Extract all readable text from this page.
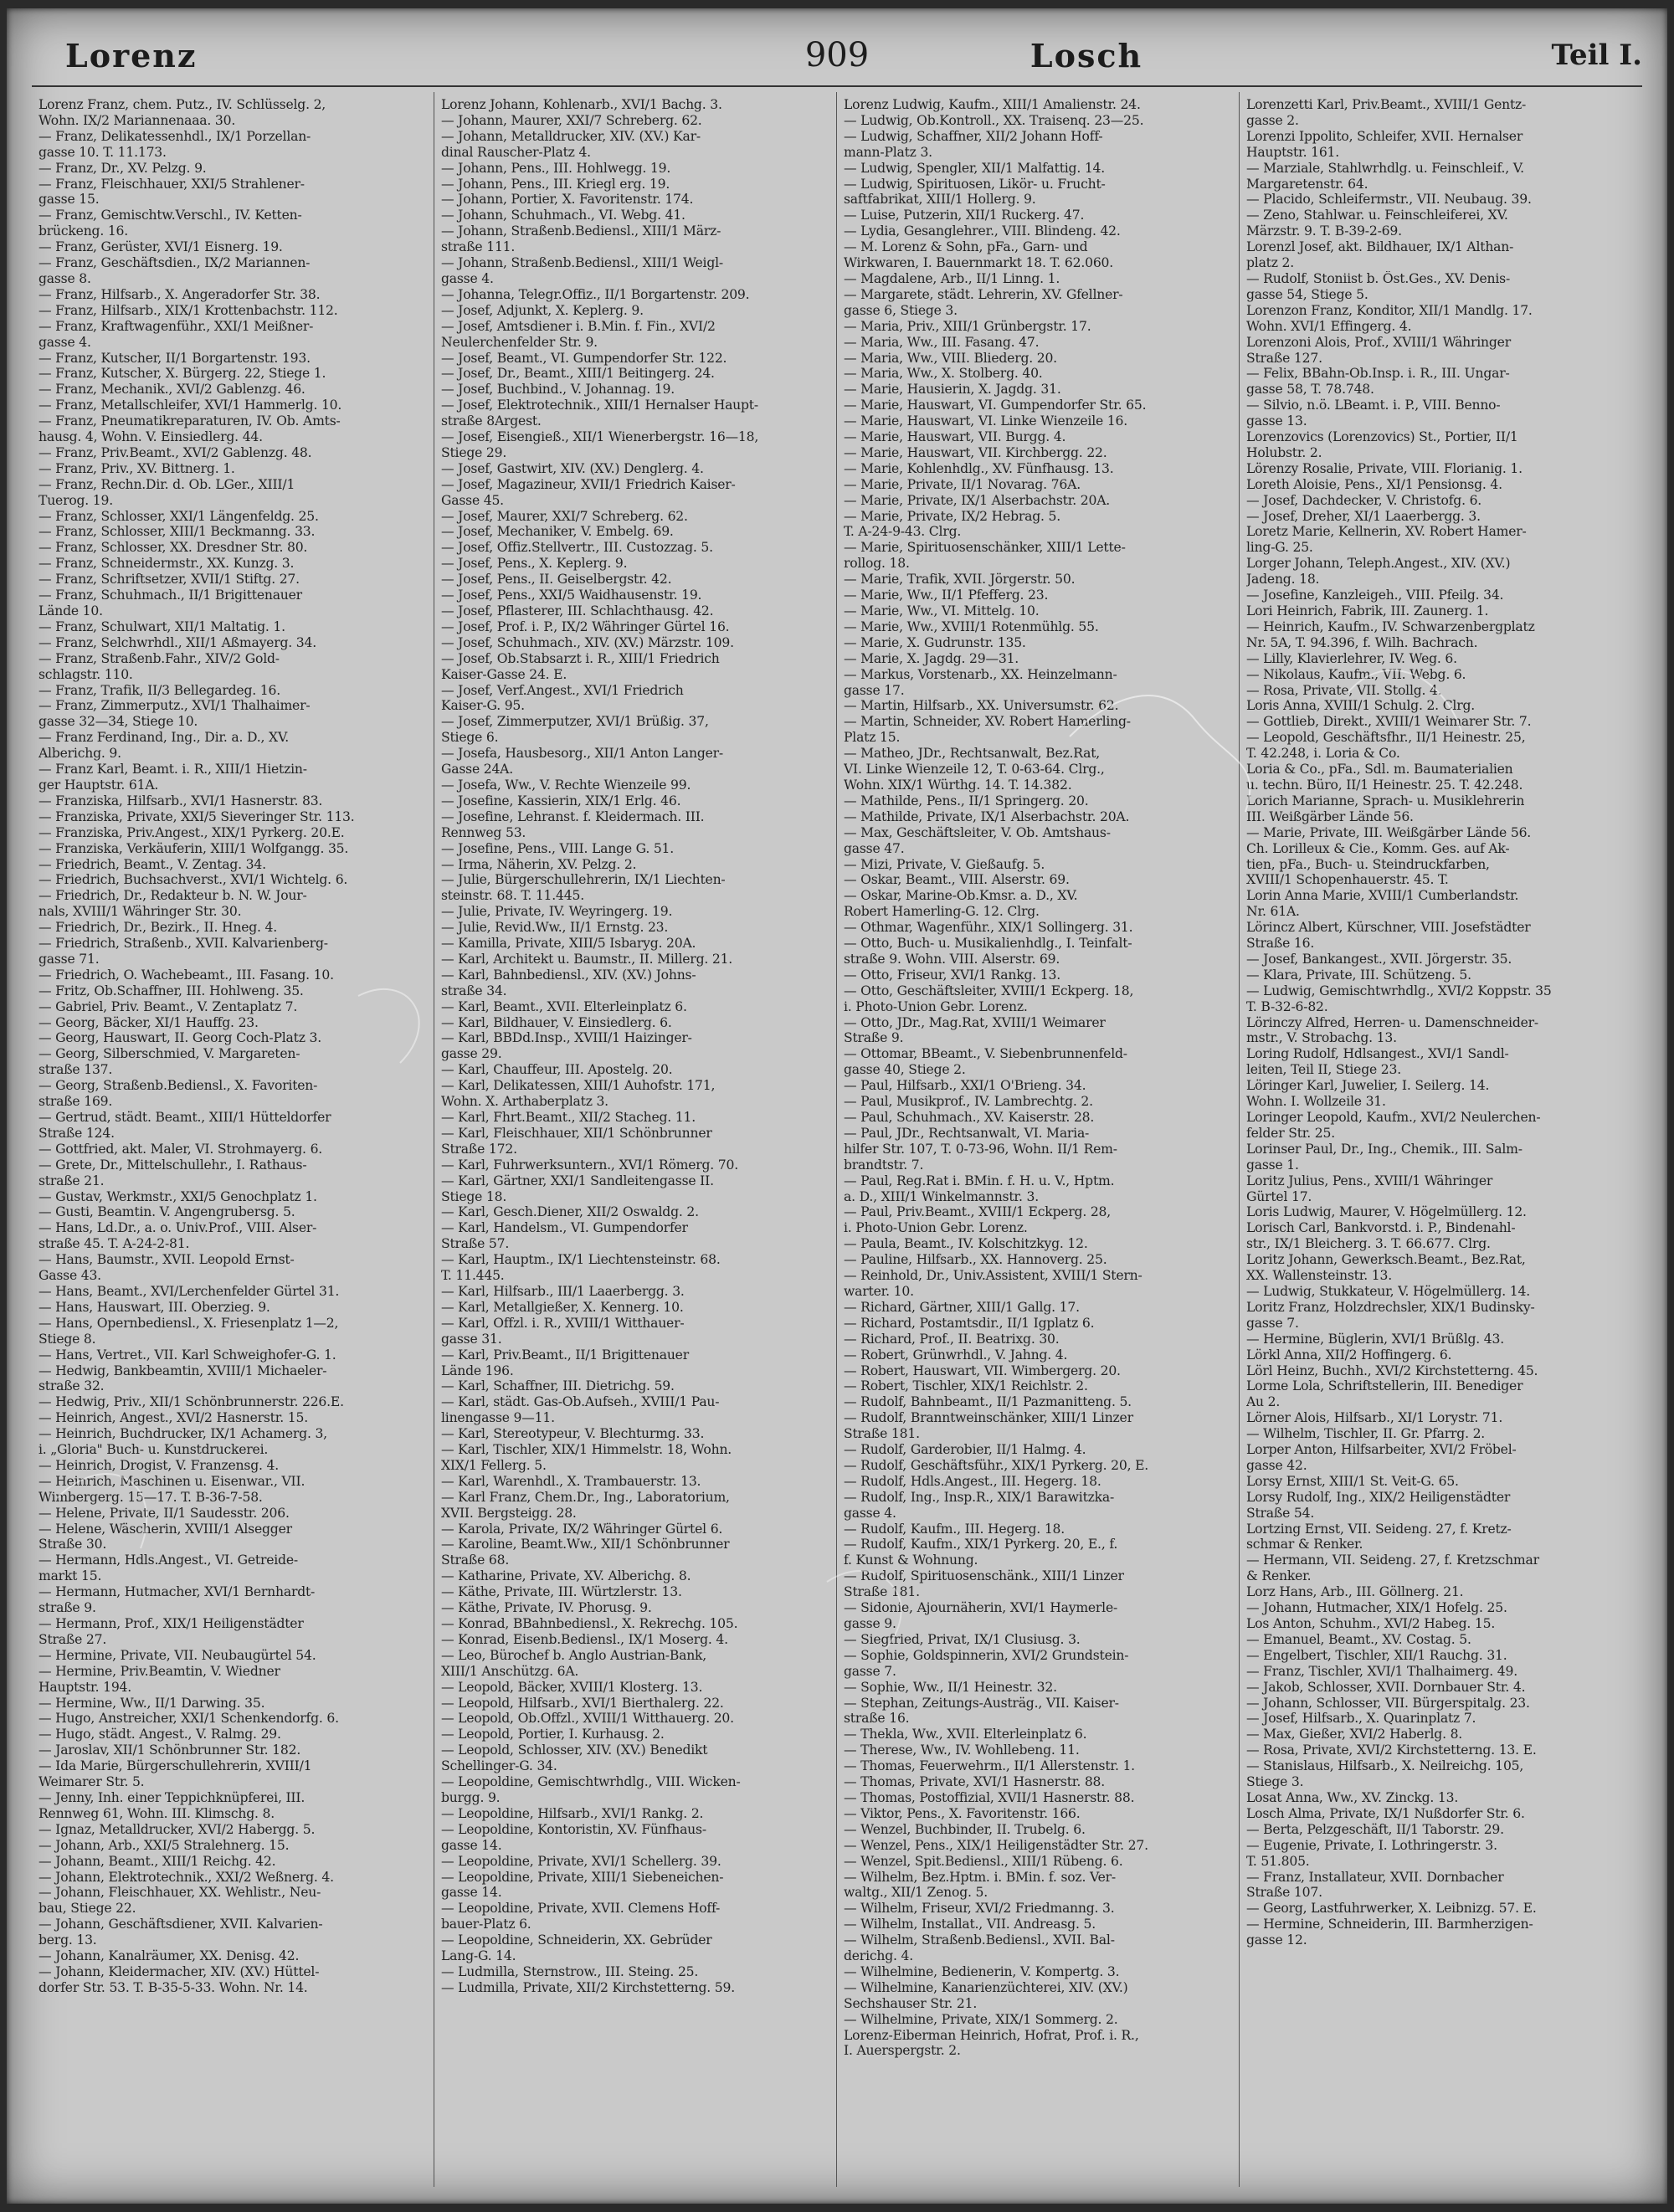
Lorenz	909	Losch	Teil I.
Lorenz Franz, chem. Putz., IV. Schlüsselg. 2,
Wohn. IX/2 Mariannenaaa. 30.
— Franz, Delikatessenhdl., IX/1 Porzellan-
gasse 10. T. 11.173.
— Franz, Dr., XV. Pelzg. 9.
— Franz, Fleischhauer, XXI/5 Strahlener-
gasse 15.
— Franz, Gemischtw.Verschl., IV. Ketten-
brückeng. 16.
— Franz, Gerüster, XVI/1 Eisnerg. 19.
— Franz, Geschäftsdien., IX/2 Mariannen-
gasse 8.
— Franz, Hilfsarb., X. Angeradorfer Str. 38.
— Franz, Hilfsarb., XIX/1 Krottenbachstr. 112.
— Franz, Kraftwagenführ., XXI/1 Meißner-
gasse 4.
— Franz, Kutscher, II/1 Borgartenstr. 193.
— Franz, Kutscher, X. Bürgerg. 22, Stiege 1.
— Franz, Mechanik., XVI/2 Gablenzg. 46.
— Franz, Metallschleifer, XVI/1 Hammerlg. 10.
— Franz, Pneumatikreparaturen, IV. Ob. Amts-
hausg. 4, Wohn. V. Einsiedlerg. 44.
— Franz, Priv.Beamt., XVI/2 Gablenzg. 48.
— Franz, Priv., XV. Bittnerg. 1.
— Franz, Rechn.Dir. d. Ob. LGer., XIII/1
Tuerog. 19.
— Franz, Schlosser, XXI/1 Längenfeldg. 25.
— Franz, Schlosser, XIII/1 Beckmanng. 33.
— Franz, Schlosser, XX. Dresdner Str. 80.
— Franz, Schneidermstr., XX. Kunzg. 3.
— Franz, Schriftsetzer, XVII/1 Stiftg. 27.
— Franz, Schuhmach., II/1 Brigittenauer
Lände 10.
— Franz, Schulwart, XII/1 Maltatig. 1.
— Franz, Selchwrhdl., XII/1 Aßmayerg. 34.
— Franz, Straßenb.Fahr., XIV/2 Gold-
schlagstr. 110.
— Franz, Trafik, II/3 Bellegardeg. 16.
— Franz, Zimmerputz., XVI/1 Thalhaimer-
gasse 32—34, Stiege 10.
— Franz Ferdinand, Ing., Dir. a. D., XV.
Alberichg. 9.
— Franz Karl, Beamt. i. R., XIII/1 Hietzin-
ger Hauptstr. 61A.
— Franziska, Hilfsarb., XVI/1 Hasnerstr. 83.
— Franziska, Private, XXI/5 Sieveringer Str. 113.
— Franziska, Priv.Angest., XIX/1 Pyrkerg. 20.E.
— Franziska, Verkäuferin, XIII/1 Wolfgangg. 35.
— Friedrich, Beamt., V. Zentag. 34.
— Friedrich, Buchsachverst., XVI/1 Wichtelg. 6.
— Friedrich, Dr., Redakteur b. N. W. Jour-
nals, XVIII/1 Währinger Str. 30.
— Friedrich, Dr., Bezirk., II. Hneg. 4.
— Friedrich, Straßenb., XVII. Kalvarienberg-
gasse 71.
— Friedrich, O. Wachebeamt., III. Fasang. 10.
— Fritz, Ob.Schaffner, III. Hohlweng. 35.
— Gabriel, Priv. Beamt., V. Zentaplatz 7.
— Georg, Bäcker, XI/1 Hauffg. 23.
— Georg, Hauswart, II. Georg Coch-Platz 3.
— Georg, Silberschmied, V. Margareten-
straße 137.
— Georg, Straßenb.Bediensl., X. Favoriten-
straße 169.
— Gertrud, städt. Beamt., XIII/1 Hütteldorfer
Straße 124.
— Gottfried, akt. Maler, VI. Strohmayerg. 6.
— Grete, Dr., Mittelschullehr., I. Rathaus-
straße 21.
— Gustav, Werkmstr., XXI/5 Genochplatz 1.
— Gusti, Beamtin. V. Angengrubersg. 5.
— Hans, Ld.Dr., a. o. Univ.Prof., VIII. Alser-
straße 45. T. A-24-2-81.
— Hans, Baumstr., XVII. Leopold Ernst-
Gasse 43.
— Hans, Beamt., XVI/Lerchenfelder Gürtel 31.
— Hans, Hauswart, III. Oberzieg. 9.
— Hans, Opernbediensl., X. Friesenplatz 1—2,
Stiege 8.
— Hans, Vertret., VII. Karl Schweighofer-G. 1.
— Hedwig, Bankbeamtin, XVIII/1 Michaeler-
straße 32.
— Hedwig, Priv., XII/1 Schönbrunnerstr. 226.E.
— Heinrich, Angest., XVI/2 Hasnerstr. 15.
— Heinrich, Buchdrucker, IX/1 Achamerg. 3,
i. „Gloria" Buch- u. Kunstdruckerei.
— Heinrich, Drogist, V. Franzensg. 4.
— Heinrich, Maschinen u. Eisenwar., VII.
Wimbergerg. 15—17. T. B-36-7-58.
— Helene, Private, II/1 Saudesstr. 206.
— Helene, Wäscherin, XVIII/1 Alsegger
Straße 30.
— Hermann, Hdls.Angest., VI. Getreide-
markt 15.
— Hermann, Hutmacher, XVI/1 Bernhardt-
straße 9.
— Hermann, Prof., XIX/1 Heiligenstädter
Straße 27.
— Hermine, Private, VII. Neubaugürtel 54.
— Hermine, Priv.Beamtin, V. Wiedner
Hauptstr. 194.
— Hermine, Ww., II/1 Darwing. 35.
— Hugo, Anstreicher, XXI/1 Schenkendorfg. 6.
— Hugo, städt. Angest., V. Ralmg. 29.
— Jaroslav, XII/1 Schönbrunner Str. 182.
— Ida Marie, Bürgerschullehrerin, XVIII/1
Weimarer Str. 5.
— Jenny, Inh. einer Teppichknüpferei, III.
Rennweg 61, Wohn. III. Klimschg. 8.
— Ignaz, Metalldrucker, XVI/2 Habergg. 5.
— Johann, Arb., XXI/5 Stralehnerg. 15.
— Johann, Beamt., XIII/1 Reichg. 42.
— Johann, Elektrotechnik., XXI/2 Weßnerg. 4.
— Johann, Fleischhauer, XX. Wehlistr., Neu-
bau, Stiege 22.
— Johann, Geschäftsdiener, XVII. Kalvarien-
berg. 13.
— Johann, Kanalräumer, XX. Denisg. 42.
— Johann, Kleidermacher, XIV. (XV.) Hüttel-
dorfer Str. 53. T. B-35-5-33. Wohn. Nr. 14.
Lorenz Johann, Kohlenarb., XVI/1 Bachg. 3.
— Johann, Maurer, XXI/7 Schreberg. 62.
— Johann, Metalldrucker, XIV. (XV.) Kar-
dinal Rauscher-Platz 4.
— Johann, Pens., III. Hohlwegg. 19.
— Johann, Pens., III. Kriegl erg. 19.
— Johann, Portier, X. Favoritenstr. 174.
— Johann, Schuhmach., VI. Webg. 41.
— Johann, Straßenb.Bediensl., XIII/1 März-
straße 111.
— Johann, Straßenb.Bediensl., XIII/1 Weigl-
gasse 4.
— Johanna, Telegr.Offiz., II/1 Borgartenstr. 209.
— Josef, Adjunkt, X. Keplerg. 9.
— Josef, Amtsdiener i. B.Min. f. Fin., XVI/2
Neulerchenfelder Str. 9.
— Josef, Beamt., VI. Gumpendorfer Str. 122.
— Josef, Dr., Beamt., XIII/1 Beitingerg. 24.
— Josef, Buchbind., V. Johannag. 19.
— Josef, Elektrotechnik., XIII/1 Hernalser Haupt-
straße 8Argest.
— Josef, Eisengieß., XII/1 Wienerbergstr. 16—18,
Stiege 29.
— Josef, Gastwirt, XIV. (XV.) Denglerg. 4.
— Josef, Magazineur, XVII/1 Friedrich Kaiser-
Gasse 45.
— Josef, Maurer, XXI/7 Schreberg. 62.
— Josef, Mechaniker, V. Embelg. 69.
— Josef, Offiz.Stellvertr., III. Custozzag. 5.
— Josef, Pens., X. Keplerg. 9.
— Josef, Pens., II. Geiselbergstr. 42.
— Josef, Pens., XXI/5 Waidhausenstr. 19.
— Josef, Pflasterer, III. Schlachthausg. 42.
— Josef, Prof. i. P., IX/2 Währinger Gürtel 16.
— Josef, Schuhmach., XIV. (XV.) Märzstr. 109.
— Josef, Ob.Stabsarzt i. R., XIII/1 Friedrich
Kaiser-Gasse 24. E.
— Josef, Verf.Angest., XVI/1 Friedrich
Kaiser-G. 95.
— Josef, Zimmerputzer, XVI/1 Brüßig. 37,
Stiege 6.
— Josefa, Hausbesorg., XII/1 Anton Langer-
Gasse 24A.
— Josefa, Ww., V. Rechte Wienzeile 99.
— Josefine, Kassierin, XIX/1 Erlg. 46.
— Josefine, Lehranst. f. Kleidermach. III.
Rennweg 53.
— Josefine, Pens., VIII. Lange G. 51.
— Irma, Näherin, XV. Pelzg. 2.
— Julie, Bürgerschullehrerin, IX/1 Liechten-
steinstr. 68. T. 11.445.
— Julie, Private, IV. Weyringerg. 19.
— Julie, Revid.Ww., II/1 Ernstg. 23.
— Kamilla, Private, XIII/5 Isbaryg. 20A.
— Karl, Architekt u. Baumstr., II. Millerg. 21.
— Karl, Bahnbediensl., XIV. (XV.) Johns-
straße 34.
— Karl, Beamt., XVII. Elterleinplatz 6.
— Karl, Bildhauer, V. Einsiedlerg. 6.
— Karl, BBDd.Insp., XVIII/1 Haizinger-
gasse 29.
— Karl, Chauffeur, III. Apostelg. 20.
— Karl, Delikatessen, XIII/1 Auhofstr. 171,
Wohn. X. Arthaberplatz 3.
— Karl, Fhrt.Beamt., XII/2 Stacheg. 11.
— Karl, Fleischhauer, XII/1 Schönbrunner
Straße 172.
— Karl, Fuhrwerksuntern., XVI/1 Römerg. 70.
— Karl, Gärtner, XXI/1 Sandleitengasse II.
Stiege 18.
— Karl, Gesch.Diener, XII/2 Oswaldg. 2.
— Karl, Handelsm., VI. Gumpendorfer
Straße 57.
— Karl, Hauptm., IX/1 Liechtensteinstr. 68.
T. 11.445.
— Karl, Hilfsarb., III/1 Laaerbergg. 3.
— Karl, Metallgießer, X. Kennerg. 10.
— Karl, Offzl. i. R., XVIII/1 Witthauer-
gasse 31.
— Karl, Priv.Beamt., II/1 Brigittenauer
Lände 196.
— Karl, Schaffner, III. Dietrichg. 59.
— Karl, städt. Gas-Ob.Aufseh., XVIII/1 Pau-
linengasse 9—11.
— Karl, Stereotypeur, V. Blechturmg. 33.
— Karl, Tischler, XIX/1 Himmelstr. 18, Wohn.
XIX/1 Fellerg. 5.
— Karl, Warenhdl., X. Trambauerstr. 13.
— Karl Franz, Chem.Dr., Ing., Laboratorium,
XVII. Bergsteigg. 28.
— Karola, Private, IX/2 Währinger Gürtel 6.
— Karoline, Beamt.Ww., XII/1 Schönbrunner
Straße 68.
— Katharine, Private, XV. Alberichg. 8.
— Käthe, Private, III. Würtzlerstr. 13.
— Käthe, Private, IV. Phorusg. 9.
— Konrad, BBahnbediensl., X. Rekrechg. 105.
— Konrad, Eisenb.Bediensl., IX/1 Moserg. 4.
— Leo, Bürochef b. Anglo Austrian-Bank,
XIII/1 Anschützg. 6A.
— Leopold, Bäcker, XVIII/1 Klosterg. 13.
— Leopold, Hilfsarb., XVI/1 Bierthalerg. 22.
— Leopold, Ob.Offzl., XVIII/1 Witthauerg. 20.
— Leopold, Portier, I. Kurhausg. 2.
— Leopold, Schlosser, XIV. (XV.) Benedikt
Schellinger-G. 34.
— Leopoldine, Gemischtwrhdlg., VIII. Wicken-
burgg. 9.
— Leopoldine, Hilfsarb., XVI/1 Rankg. 2.
— Leopoldine, Kontoristin, XV. Fünfhaus-
gasse 14.
— Leopoldine, Private, XVI/1 Schellerg. 39.
— Leopoldine, Private, XIII/1 Siebeneichen-
gasse 14.
— Leopoldine, Private, XVII. Clemens Hoff-
bauer-Platz 6.
— Leopoldine, Schneiderin, XX. Gebrüder
Lang-G. 14.
— Ludmilla, Sternstrow., III. Steing. 25.
— Ludmilla, Private, XII/2 Kirchstetterng. 59.
Lorenz Ludwig, Kaufm., XIII/1 Amalienstr. 24.
— Ludwig, Ob.Kontroll., XX. Traisenq. 23—25.
— Ludwig, Schaffner, XII/2 Johann Hoff-
mann-Platz 3.
— Ludwig, Spengler, XII/1 Malfattig. 14.
— Ludwig, Spirituosen, Likör- u. Frucht-
saftfabrikat, XIII/1 Hollerg. 9.
— Luise, Putzerin, XII/1 Ruckerg. 47.
— Lydia, Gesanglehrer., VIII. Blindeng. 42.
— M. Lorenz & Sohn, pFa., Garn- und
Wirkwaren, I. Bauernmarkt 18. T. 62.060.
— Magdalene, Arb., II/1 Linng. 1.
— Margarete, städt. Lehrerin, XV. Gfellner-
gasse 6, Stiege 3.
— Maria, Priv., XIII/1 Grünbergstr. 17.
— Maria, Ww., III. Fasang. 47.
— Maria, Ww., VIII. Bliederg. 20.
— Maria, Ww., X. Stolberg. 40.
— Marie, Hausierin, X. Jagdg. 31.
— Marie, Hauswart, VI. Gumpendorfer Str. 65.
— Marie, Hauswart, VI. Linke Wienzeile 16.
— Marie, Hauswart, VII. Burgg. 4.
— Marie, Hauswart, VII. Kirchbergg. 22.
— Marie, Kohlenhdlg., XV. Fünfhausg. 13.
— Marie, Private, II/1 Novarag. 76A.
— Marie, Private, IX/1 Alserbachstr. 20A.
— Marie, Private, IX/2 Hebrag. 5.
T. A-24-9-43. Clrg.
— Marie, Spirituosenschänker, XIII/1 Lette-
rollog. 18.
— Marie, Trafik, XVII. Jörgerstr. 50.
— Marie, Ww., II/1 Pfefferg. 23.
— Marie, Ww., VI. Mittelg. 10.
— Marie, Ww., XVIII/1 Rotenmühlg. 55.
— Marie, X. Gudrunstr. 135.
— Marie, X. Jagdg. 29—31.
— Markus, Vorstenarb., XX. Heinzelmann-
gasse 17.
— Martin, Hilfsarb., XX. Universumstr. 62.
— Martin, Schneider, XV. Robert Hamerling-
Platz 15.
— Matheo, JDr., Rechtsanwalt, Bez.Rat,
VI. Linke Wienzeile 12, T. 0-63-64. Clrg.,
Wohn. XIX/1 Würthg. 14. T. 14.382.
— Mathilde, Pens., II/1 Springerg. 20.
— Mathilde, Private, IX/1 Alserbachstr. 20A.
— Max, Geschäftsleiter, V. Ob. Amtshaus-
gasse 47.
— Mizi, Private, V. Gießaufg. 5.
— Oskar, Beamt., VIII. Alserstr. 69.
— Oskar, Marine-Ob.Kmsr. a. D., XV.
Robert Hamerling-G. 12. Clrg.
— Othmar, Wagenführ., XIX/1 Sollingerg. 31.
— Otto, Buch- u. Musikalienhdlg., I. Teinfalt-
straße 9. Wohn. VIII. Alserstr. 69.
— Otto, Friseur, XVI/1 Rankg. 13.
— Otto, Geschäftsleiter, XVIII/1 Eckperg. 18,
i. Photo-Union Gebr. Lorenz.
— Otto, JDr., Mag.Rat, XVIII/1 Weimarer
Straße 9.
— Ottomar, BBeamt., V. Siebenbrunnenfeld-
gasse 40, Stiege 2.
— Paul, Hilfsarb., XXI/1 O'Brieng. 34.
— Paul, Musikprof., IV. Lambrechtg. 2.
— Paul, Schuhmach., XV. Kaiserstr. 28.
— Paul, JDr., Rechtsanwalt, VI. Maria-
hilfer Str. 107, T. 0-73-96, Wohn. II/1 Rem-
brandtstr. 7.
— Paul, Reg.Rat i. BMin. f. H. u. V., Hptm.
a. D., XIII/1 Winkelmannstr. 3.
— Paul, Priv.Beamt., XVIII/1 Eckperg. 28,
i. Photo-Union Gebr. Lorenz.
— Paula, Beamt., IV. Kolschitzkyg. 12.
— Pauline, Hilfsarb., XX. Hannoverg. 25.
— Reinhold, Dr., Univ.Assistent, XVIII/1 Stern-
warter. 10.
— Richard, Gärtner, XIII/1 Gallg. 17.
— Richard, Postamtsdir., II/1 Igplatz 6.
— Richard, Prof., II. Beatrixg. 30.
— Robert, Grünwrhdl., V. Jahng. 4.
— Robert, Hauswart, VII. Wimbergerg. 20.
— Robert, Tischler, XIX/1 Reichlstr. 2.
— Rudolf, Bahnbeamt., II/1 Pazmanitteng. 5.
— Rudolf, Branntweinschänker, XIII/1 Linzer
Straße 181.
— Rudolf, Garderobier, II/1 Halmg. 4.
— Rudolf, Geschäftsführ., XIX/1 Pyrkerg. 20, E.
— Rudolf, Hdls.Angest., III. Hegerg. 18.
— Rudolf, Ing., Insp.R., XIX/1 Barawitzka-
gasse 4.
— Rudolf, Kaufm., III. Hegerg. 18.
— Rudolf, Kaufm., XIX/1 Pyrkerg. 20, E., f.
f. Kunst & Wohnung.
— Rudolf, Spirituosenschänk., XIII/1 Linzer
Straße 181.
— Sidonie, Ajournäherin, XVI/1 Haymerle-
gasse 9.
— Siegfried, Privat, IX/1 Clusiusg. 3.
— Sophie, Goldspinnerin, XVI/2 Grundstein-
gasse 7.
— Sophie, Ww., II/1 Heinestr. 32.
— Stephan, Zeitungs-Austräg., VII. Kaiser-
straße 16.
— Thekla, Ww., XVII. Elterleinplatz 6.
— Therese, Ww., IV. Wohllebeng. 11.
— Thomas, Feuerwehrm., II/1 Allerstenstr. 1.
— Thomas, Private, XVI/1 Hasnerstr. 88.
— Thomas, Postoffizial, XVII/1 Hasnerstr. 88.
— Viktor, Pens., X. Favoritenstr. 166.
— Wenzel, Buchbinder, II. Trubelg. 6.
— Wenzel, Pens., XIX/1 Heiligenstädter Str. 27.
— Wenzel, Spit.Bediensl., XIII/1 Rübeng. 6.
— Wilhelm, Bez.Hptm. i. BMin. f. soz. Ver-
waltg., XII/1 Zenog. 5.
— Wilhelm, Friseur, XVI/2 Friedmanng. 3.
— Wilhelm, Installat., VII. Andreasg. 5.
— Wilhelm, Straßenb.Bediensl., XVII. Bal-
derichg. 4.
— Wilhelmine, Bedienerin, V. Kompertg. 3.
— Wilhelmine, Kanarienzüchterei, XIV. (XV.)
Sechshauser Str. 21.
— Wilhelmine, Private, XIX/1 Sommerg. 2.
Lorenz-Eiberman Heinrich, Hofrat, Prof. i. R.,
I. Auerspergstr. 2.
Lorenzetti Karl, Priv.Beamt., XVIII/1 Gentz-
gasse 2.
Lorenzi Ippolito, Schleifer, XVII. Hernalser
Hauptstr. 161.
— Marziale, Stahlwrhdlg. u. Feinschleif., V.
Margaretenstr. 64.
— Placido, Schleifermstr., VII. Neubaug. 39.
— Zeno, Stahlwar. u. Feinschleiferei, XV.
Märzstr. 9. T. B-39-2-69.
Lorenzl Josef, akt. Bildhauer, IX/1 Althan-
platz 2.
— Rudolf, Stoniist b. Öst.Ges., XV. Denis-
gasse 54, Stiege 5.
Lorenzon Franz, Konditor, XII/1 Mandlg. 17.
Wohn. XVI/1 Effingerg. 4.
Lorenzoni Alois, Prof., XVIII/1 Währinger
Straße 127.
— Felix, BBahn-Ob.Insp. i. R., III. Ungar-
gasse 58, T. 78.748.
— Silvio, n.ö. LBeamt. i. P., VIII. Benno-
gasse 13.
Lorenzovics (Lorenzovics) St., Portier, II/1
Holubstr. 2.
Lörenzy Rosalie, Private, VIII. Florianig. 1.
Loreth Aloisie, Pens., XI/1 Pensionsg. 4.
— Josef, Dachdecker, V. Christofg. 6.
— Josef, Dreher, XI/1 Laaerbergg. 3.
Loretz Marie, Kellnerin, XV. Robert Hamer-
ling-G. 25.
Lorger Johann, Teleph.Angest., XIV. (XV.)
Jadeng. 18.
— Josefine, Kanzleigeh., VIII. Pfeilg. 34.
Lori Heinrich, Fabrik, III. Zaunerg. 1.
— Heinrich, Kaufm., IV. Schwarzenbergplatz
Nr. 5A, T. 94.396, f. Wilh. Bachrach.
— Lilly, Klavierlehrer, IV. Weg. 6.
— Nikolaus, Kaufm., VII. Webg. 6.
— Rosa, Private, VII. Stollg. 4.
Loris Anna, XVIII/1 Schulg. 2. Clrg.
— Gottlieb, Direkt., XVIII/1 Weimarer Str. 7.
— Leopold, Geschäftsfhr., II/1 Heinestr. 25,
T. 42.248, i. Loria & Co.
Loria & Co., pFa., Sdl. m. Baumaterialien
u. techn. Büro, II/1 Heinestr. 25. T. 42.248.
Lorich Marianne, Sprach- u. Musiklehrerin
III. Weißgärber Lände 56.
— Marie, Private, III. Weißgärber Lände 56.
Ch. Lorilleux & Cie., Komm. Ges. auf Ak-
tien, pFa., Buch- u. Steindruckfarben,
XVIII/1 Schopenhauerstr. 45. T.
Lorin Anna Marie, XVIII/1 Cumberlandstr.
Nr. 61A.
Lörincz Albert, Kürschner, VIII. Josefstädter
Straße 16.
— Josef, Bankangest., XVII. Jörgerstr. 35.
— Klara, Private, III. Schützeng. 5.
— Ludwig, Gemischtwrhdlg., XVI/2 Koppstr. 35
T. B-32-6-82.
Lörinczy Alfred, Herren- u. Damenschneider-
mstr., V. Strobachg. 13.
Loring Rudolf, Hdlsangest., XVI/1 Sandl-
leiten, Teil II, Stiege 23.
Löringer Karl, Juwelier, I. Seilerg. 14.
Wohn. I. Wollzeile 31.
Loringer Leopold, Kaufm., XVI/2 Neulerchen-
felder Str. 25.
Lorinser Paul, Dr., Ing., Chemik., III. Salm-
gasse 1.
Loritz Julius, Pens., XVIII/1 Währinger
Gürtel 17.
Loris Ludwig, Maurer, V. Högelmüllerg. 12.
Lorisch Carl, Bankvorstd. i. P., Bindenahl-
str., IX/1 Bleicherg. 3. T. 66.677. Clrg.
Loritz Johann, Gewerksch.Beamt., Bez.Rat,
XX. Wallensteinstr. 13.
— Ludwig, Stukkateur, V. Högelmüllerg. 14.
Loritz Franz, Holzdrechsler, XIX/1 Budinsky-
gasse 7.
— Hermine, Büglerin, XVI/1 Brüßlg. 43.
Lörkl Anna, XII/2 Hoffingerg. 6.
Lörl Heinz, Buchh., XVI/2 Kirchstetterng. 45.
Lorme Lola, Schriftstellerin, III. Benediger
Au 2.
Lörner Alois, Hilfsarb., XI/1 Lorystr. 71.
— Wilhelm, Tischler, II. Gr. Pfarrg. 2.
Lorper Anton, Hilfsarbeiter, XVI/2 Fröbel-
gasse 42.
Lorsy Ernst, XIII/1 St. Veit-G. 65.
Lorsy Rudolf, Ing., XIX/2 Heiligenstädter
Straße 54.
Lortzing Ernst, VII. Seideng. 27, f. Kretz-
schmar & Renker.
— Hermann, VII. Seideng. 27, f. Kretzschmar
& Renker.
Lorz Hans, Arb., III. Göllnerg. 21.
— Johann, Hutmacher, XIX/1 Hofelg. 25.
Los Anton, Schuhm., XVI/2 Habeg. 15.
— Emanuel, Beamt., XV. Costag. 5.
— Engelbert, Tischler, XII/1 Rauchg. 31.
— Franz, Tischler, XVI/1 Thalhaimerg. 49.
— Jakob, Schlosser, XVII. Dornbauer Str. 4.
— Johann, Schlosser, VII. Bürgerspitalg. 23.
— Josef, Hilfsarb., X. Quarinplatz 7.
— Max, Gießer, XVI/2 Haberlg. 8.
— Rosa, Private, XVI/2 Kirchstetterng. 13. E.
— Stanislaus, Hilfsarb., X. Neilreichg. 105,
Stiege 3.
Losat Anna, Ww., XV. Zinckg. 13.
Losch Alma, Private, IX/1 Nußdorfer Str. 6.
— Berta, Pelzgeschäft, II/1 Taborstr. 29.
— Eugenie, Private, I. Lothringerstr. 3.
T. 51.805.
— Franz, Installateur, XVII. Dornbacher
Straße 107.
— Georg, Lastfuhrwerker, X. Leibnizg. 57. E.
— Hermine, Schneiderin, III. Barmherzigen-
gasse 12.
